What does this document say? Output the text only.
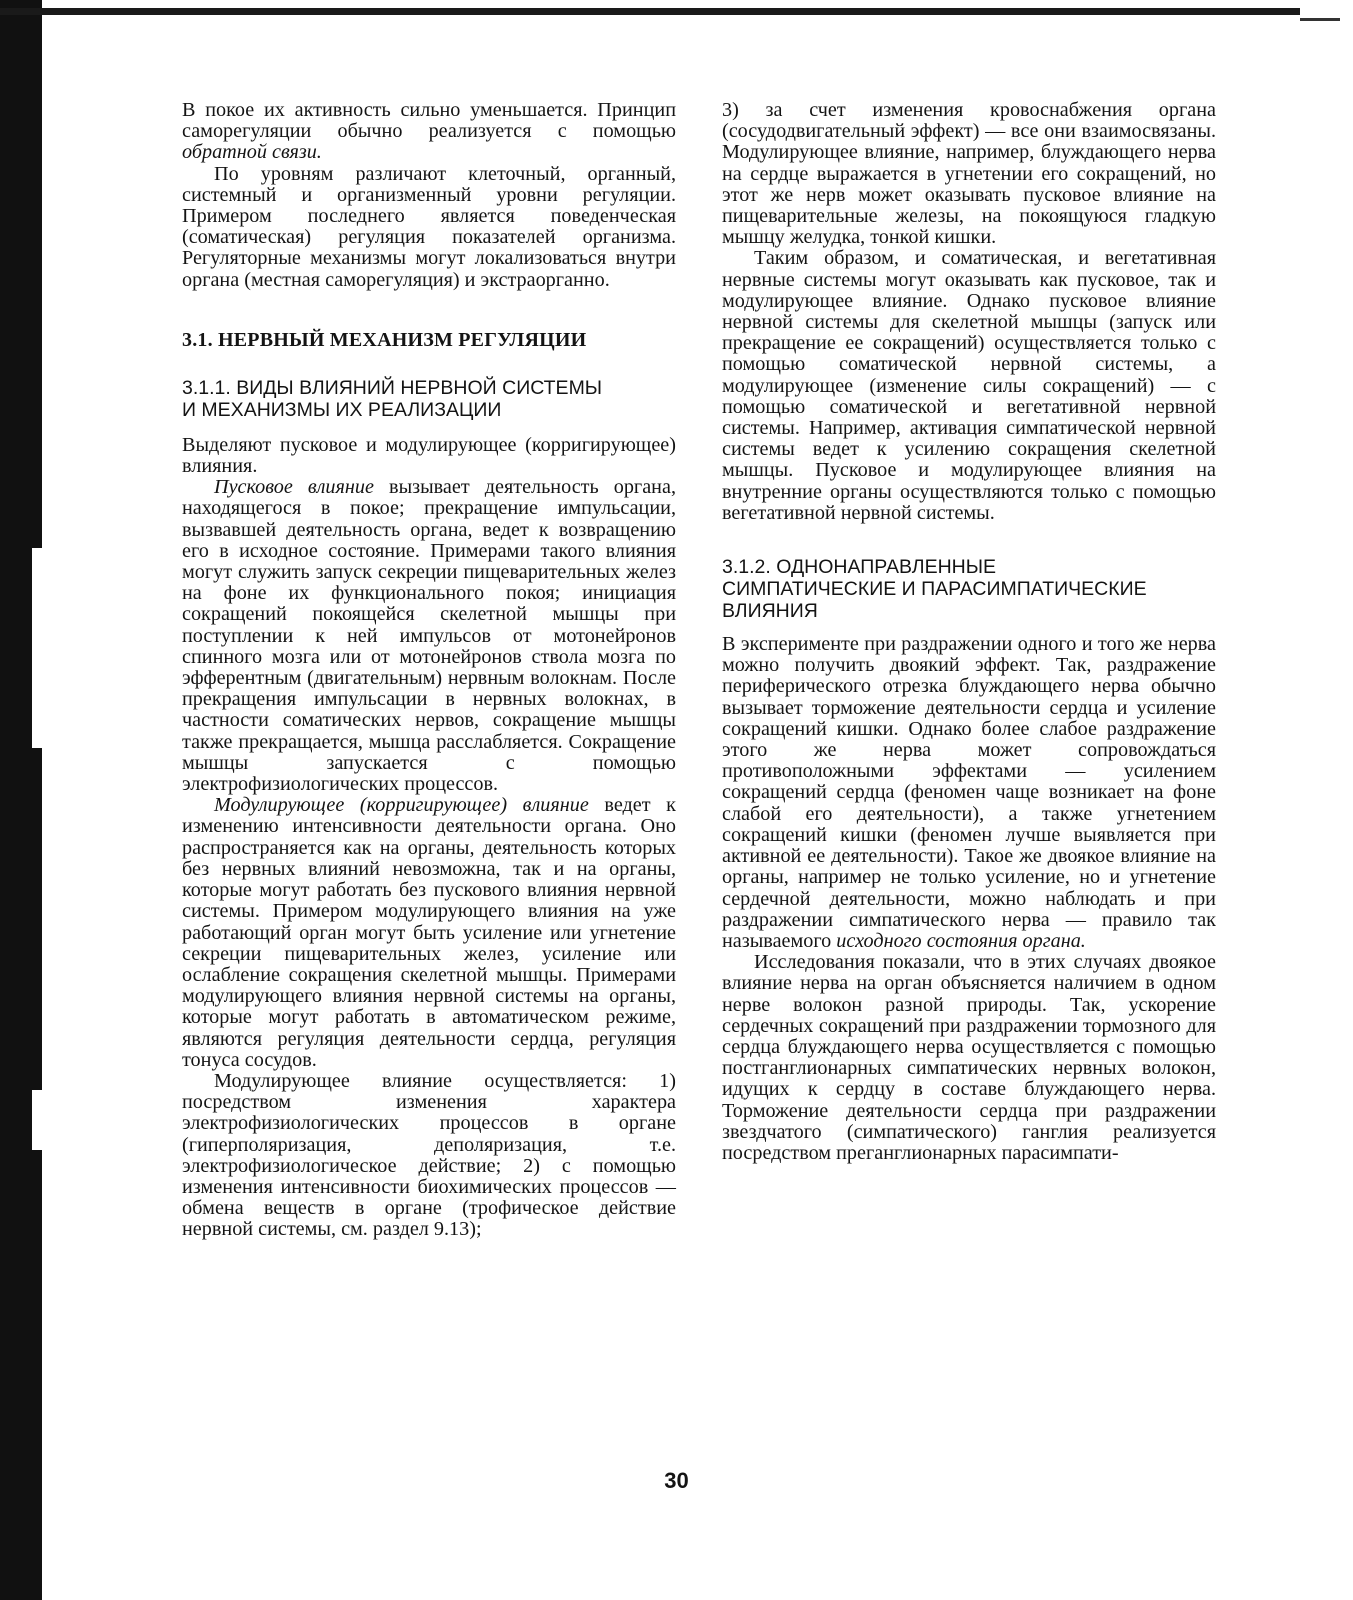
В покое их активность сильно уменьшается. Принцип саморегуляции обычно реализуется с помощью обратной связи.

По уровням различают клеточный, органный, системный и организменный уровни регуляции. Примером последнего является поведенческая (соматическая) регуляция показателей организма. Регуляторные механизмы могут локализоваться внутри органа (местная саморегуляция) и экстраорганно.

3.1. НЕРВНЫЙ МЕХАНИЗМ РЕГУЛЯЦИИ
3.1.1. ВИДЫ ВЛИЯНИЙ НЕРВНОЙ СИСТЕМЫ
И МЕХАНИЗМЫ ИХ РЕАЛИЗАЦИИ

Выделяют пусковое и модулирующее (корригирующее) влияния.

Пусковое влияние вызывает деятельность органа, находящегося в покое; прекращение импульсации, вызвавшей деятельность органа, ведет к возвращению его в исходное состояние. Примерами такого влияния могут служить запуск секреции пищеварительных желез на фоне их функционального покоя; инициация сокращений покоящейся скелетной мышцы при поступлении к ней импульсов от мотонейронов спинного мозга или от мотонейронов ствола мозга по эфферентным (двигательным) нервным волокнам. После прекращения импульсации в нервных волокнах, в частности соматических нервов, сокращение мышцы также прекращается, мышца расслабляется. Сокращение мышцы запускается с помощью электрофизиологических процессов.

Модулирующее (корригирующее) влияние ведет к изменению интенсивности деятельности органа. Оно распространяется как на органы, деятельность которых без нервных влияний невозможна, так и на органы, которые могут работать без пускового влияния нервной системы. Примером модулирующего влияния на уже работающий орган могут быть усиление или угнетение секреции пищеварительных желез, усиление или ослабление сокращения скелетной мышцы. Примерами модулирующего влияния нервной системы на органы, которые могут работать в автоматическом режиме, являются регуляция деятельности сердца, регуляция тонуса сосудов.

Модулирующее влияние осуществляется: 1) посредством изменения характера электрофизиологических процессов в органе (гиперполяризация, деполяризация, т.е. электрофизиологическое действие; 2) с помощью изменения интенсивности биохимических процессов — обмена веществ в органе (трофическое действие нервной системы, см. раздел 9.13);

3) за счет изменения кровоснабжения органа (сосудодвигательный эффект) — все они взаимосвязаны. Модулирующее влияние, например, блуждающего нерва на сердце выражается в угнетении его сокращений, но этот же нерв может оказывать пусковое влияние на пищеварительные железы, на покоящуюся гладкую мышцу желудка, тонкой кишки.

Таким образом, и соматическая, и вегетативная нервные системы могут оказывать как пусковое, так и модулирующее влияние. Однако пусковое влияние нервной системы для скелетной мышцы (запуск или прекращение ее сокращений) осуществляется только с помощью соматической нервной системы, а модулирующее (изменение силы сокращений) — с помощью соматической и вегетативной нервной системы. Например, активация симпатической нервной системы ведет к усилению сокращения скелетной мышцы. Пусковое и модулирующее влияния на внутренние органы осуществляются только с помощью вегетативной нервной системы.

3.1.2. ОДНОНАПРАВЛЕННЫЕ
СИМПАТИЧЕСКИЕ И ПАРАСИМПАТИЧЕСКИЕ
ВЛИЯНИЯ

В эксперименте при раздражении одного и того же нерва можно получить двоякий эффект. Так, раздражение периферического отрезка блуждающего нерва обычно вызывает торможение деятельности сердца и усиление сокращений кишки. Однако более слабое раздражение этого же нерва может сопровождаться противоположными эффектами — усилением сокращений сердца (феномен чаще возникает на фоне слабой его деятельности), а также угнетением сокращений кишки (феномен лучше выявляется при активной ее деятельности). Такое же двоякое влияние на органы, например не только усиление, но и угнетение сердечной деятельности, можно наблюдать и при раздражении симпатического нерва — правило так называемого исходного состояния органа.

Исследования показали, что в этих случаях двоякое влияние нерва на орган объясняется наличием в одном нерве волокон разной природы. Так, ускорение сердечных сокращений при раздражении тормозного для сердца блуждающего нерва осуществляется с помощью постганглионарных симпатических нервных волокон, идущих к сердцу в составе блуждающего нерва. Торможение деятельности сердца при раздражении звездчатого (симпатического) ганглия реализуется посредством преганглионарных парасимпати-

30
